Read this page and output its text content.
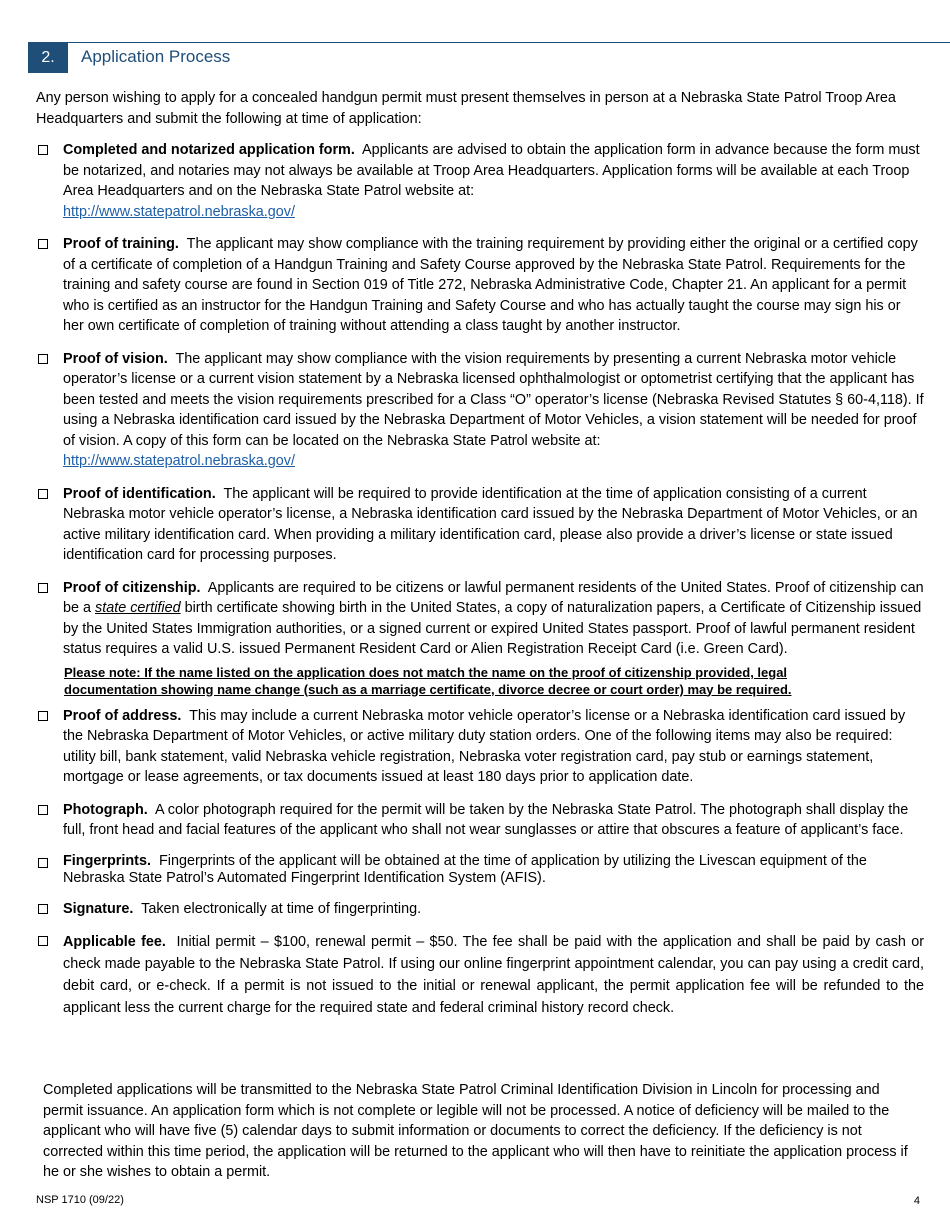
2.	Application Process
Any person wishing to apply for a concealed handgun permit must present themselves in person at a Nebraska State Patrol Troop Area Headquarters and submit the following at time of application:
Completed and notarized application form. Applicants are advised to obtain the application form in advance because the form must be notarized, and notaries may not always be available at Troop Area Headquarters. Application forms will be available at each Troop Area Headquarters and on the Nebraska State Patrol website at:
http://www.statepatrol.nebraska.gov/
Proof of training. The applicant may show compliance with the training requirement by providing either the original or a certified copy of a certificate of completion of a Handgun Training and Safety Course approved by the Nebraska State Patrol. Requirements for the training and safety course are found in Section 019 of Title 272, Nebraska Administrative Code, Chapter 21. An applicant for a permit who is certified as an instructor for the Handgun Training and Safety Course and who has actually taught the course may sign his or her own certificate of completion of training without attending a class taught by another instructor.
Proof of vision. The applicant may show compliance with the vision requirements by presenting a current Nebraska motor vehicle operator’s license or a current vision statement by a Nebraska licensed ophthalmologist or optometrist certifying that the applicant has been tested and meets the vision requirements prescribed for a Class “O” operator’s license (Nebraska Revised Statutes § 60-4,118). If using a Nebraska identification card issued by the Nebraska Department of Motor Vehicles, a vision statement will be needed for proof of vision. A copy of this form can be located on the Nebraska State Patrol website at:
http://www.statepatrol.nebraska.gov/
Proof of identification. The applicant will be required to provide identification at the time of application consisting of a current Nebraska motor vehicle operator’s license, a Nebraska identification card issued by the Nebraska Department of Motor Vehicles, or an active military identification card. When providing a military identification card, please also provide a driver’s license or state issued identification card for processing purposes.
Proof of citizenship. Applicants are required to be citizens or lawful permanent residents of the United States. Proof of citizenship can be a state certified birth certificate showing birth in the United States, a copy of naturalization papers, a Certificate of Citizenship issued by the United States Immigration authorities, or a signed current or expired United States passport. Proof of lawful permanent resident status requires a valid U.S. issued Permanent Resident Card or Alien Registration Receipt Card (i.e. Green Card).
Please note: If the name listed on the application does not match the name on the proof of citizenship provided, legal documentation showing name change (such as a marriage certificate, divorce decree or court order) may be required.
Proof of address. This may include a current Nebraska motor vehicle operator’s license or a Nebraska identification card issued by the Nebraska Department of Motor Vehicles, or active military duty station orders. One of the following items may also be required: utility bill, bank statement, valid Nebraska vehicle registration, Nebraska voter registration card, pay stub or earnings statement, mortgage or lease agreements, or tax documents issued at least 180 days prior to application date.
Photograph. A color photograph required for the permit will be taken by the Nebraska State Patrol. The photograph shall display the full, front head and facial features of the applicant who shall not wear sunglasses or attire that obscures a feature of applicant’s face.
Fingerprints. Fingerprints of the applicant will be obtained at the time of application by utilizing the Livescan equipment of the Nebraska State Patrol’s Automated Fingerprint Identification System (AFIS).
Signature. Taken electronically at time of fingerprinting.
Applicable fee. Initial permit – $100, renewal permit – $50. The fee shall be paid with the application and shall be paid by cash or check made payable to the Nebraska State Patrol. If using our online fingerprint appointment calendar, you can pay using a credit card, debit card, or e-check. If a permit is not issued to the initial or renewal applicant, the permit application fee will be refunded to the applicant less the current charge for the required state and federal criminal history record check.
Completed applications will be transmitted to the Nebraska State Patrol Criminal Identification Division in Lincoln for processing and permit issuance. An application form which is not complete or legible will not be processed. A notice of deficiency will be mailed to the applicant who will have five (5) calendar days to submit information or documents to correct the deficiency. If the deficiency is not corrected within this time period, the application will be returned to the applicant who will then have to reinitiate the application process if he or she wishes to obtain a permit.
NSP 1710 (09/22)	4
